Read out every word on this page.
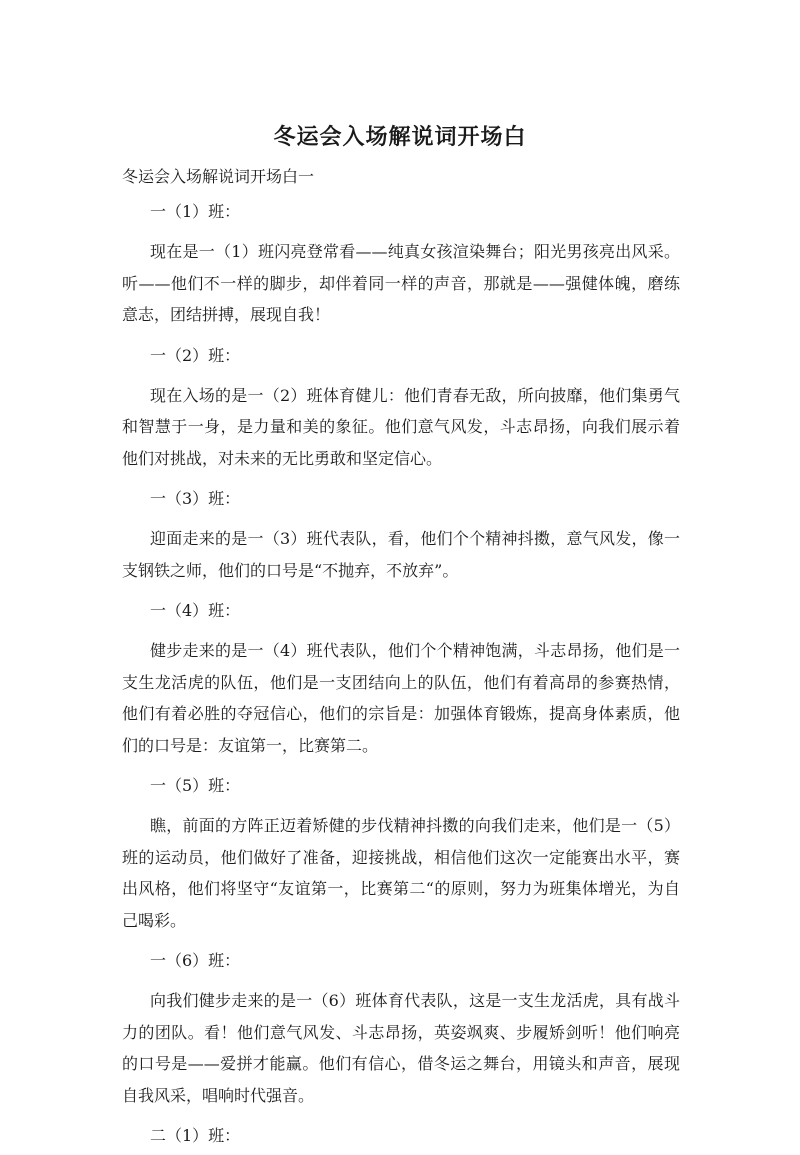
冬运会入场解说词开场白

冬运会入场解说词开场白一

一（1）班：

现在是一（1）班闪亮登常看——纯真女孩渲染舞台；阳光男孩亮出风采。听——他们不一样的脚步，却伴着同一样的声音，那就是——强健体魄，磨练意志，团结拼搏，展现自我！

一（2）班：

现在入场的是一（2）班体育健儿：他们青春无敌，所向披靡，他们集勇气和智慧于一身，是力量和美的象征。他们意气风发，斗志昂扬，向我们展示着他们对挑战，对未来的无比勇敢和坚定信心。

一（3）班：

迎面走来的是一（3）班代表队，看，他们个个精神抖擞，意气风发，像一支钢铁之师，他们的口号是“不抛弃，不放弃”。

一（4）班：

健步走来的是一（4）班代表队，他们个个精神饱满，斗志昂扬，他们是一支生龙活虎的队伍，他们是一支团结向上的队伍，他们有着高昂的参赛热情，他们有着必胜的夺冠信心，他们的宗旨是：加强体育锻炼，提高身体素质，他们的口号是：友谊第一，比赛第二。

一（5）班：

瞧，前面的方阵正迈着矫健的步伐精神抖擞的向我们走来，他们是一（5）班的运动员，他们做好了准备，迎接挑战，相信他们这次一定能赛出水平，赛出风格，他们将坚守“友谊第一，比赛第二“的原则，努力为班集体增光，为自己喝彩。

一（6）班：

向我们健步走来的是一（6）班体育代表队，这是一支生龙活虎，具有战斗力的团队。看！他们意气风发、斗志昂扬，英姿飒爽、步履矫剑听！他们响亮的口号是——爱拼才能赢。他们有信心，借冬运之舞台，用镜头和声音，展现自我风采，唱响时代强音。

二（1）班：
